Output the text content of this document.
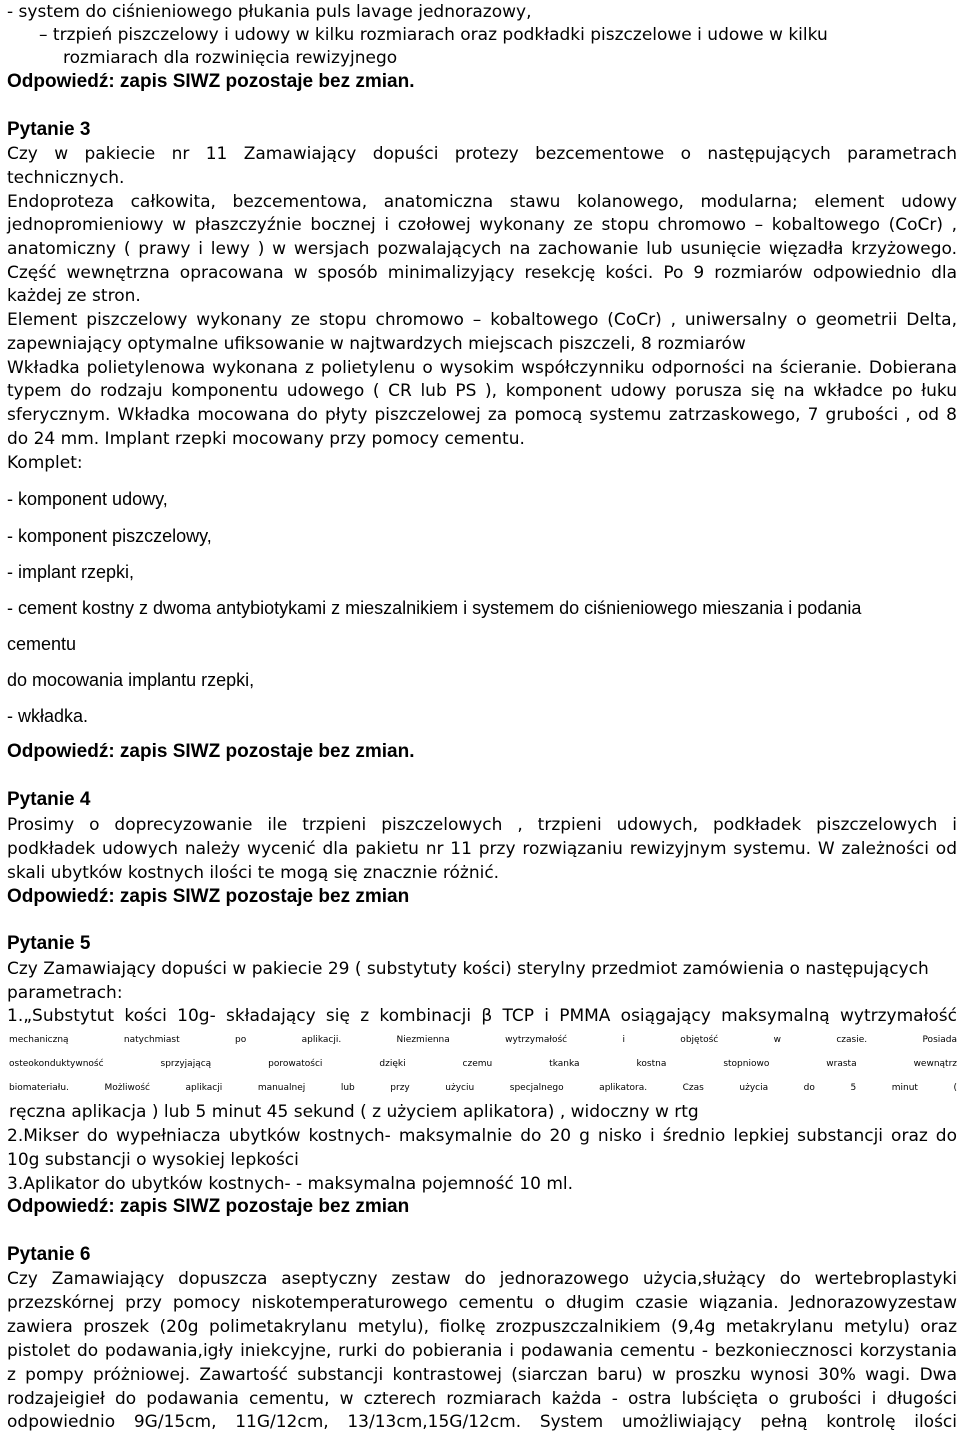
- system do ciśnieniowego płukania puls lavage jednorazowy,
– trzpień piszczelowy i udowy w kilku rozmiarach oraz podkładki piszczelowe i udowe w kilku
rozmiarach dla rozwinięcia rewizyjnego
Odpowiedź: zapis SIWZ pozostaje bez zmian.
Pytanie 3
Czy w pakiecie nr 11 Zamawiający dopuści protezy bezcementowe o następujących parametrach
technicznych.
Endoproteza całkowita, bezcementowa, anatomiczna stawu kolanowego, modularna; element udowy
jednopromieniowy w płaszczyźnie bocznej i czołowej wykonany ze stopu chromowo – kobaltowego (CoCr) ,
anatomiczny ( prawy i lewy ) w wersjach pozwalających na zachowanie lub usunięcie więzadła krzyżowego.
Część wewnętrzna opracowana w sposób minimalizyjący resekcję kości. Po 9 rozmiarów odpowiednio dla
każdej ze stron.
Element piszczelowy wykonany ze stopu chromowo – kobaltowego (CoCr) , uniwersalny o geometrii Delta,
zapewniający optymalne ufiksowanie w najtwardzych miejscach piszczeli, 8 rozmiarów
Wkładka polietylenowa wykonana z polietylenu o wysokim współczynniku odporności na ścieranie. Dobierana
typem do rodzaju komponentu udowego ( CR lub PS ), komponent udowy porusza się na wkładce po łuku
sferycznym. Wkładka mocowana do płyty piszczelowej za pomocą systemu zatrzaskowego, 7 grubości , od 8
do 24 mm. Implant rzepki mocowany przy pomocy cementu.
Komplet:
- komponent udowy,
- komponent piszczelowy,
- implant rzepki,
- cement kostny z dwoma antybiotykami z mieszalnikiem i systemem do ciśnieniowego mieszania i podania
cementu
do mocowania implantu rzepki,
- wkładka.
Odpowiedź: zapis SIWZ pozostaje bez zmian.
Pytanie 4
Prosimy o doprecyzowanie ile trzpieni piszczelowych , trzpieni udowych, podkładek piszczelowych i
podkładek udowych należy wycenić dla pakietu nr 11 przy rozwiązaniu rewizyjnym systemu. W zależności od
skali ubytków kostnych ilości te mogą się znacznie różnić.
Odpowiedź: zapis SIWZ pozostaje bez zmian
Pytanie 5
Czy Zamawiający dopuści w pakiecie 29 ( substytuty kości) sterylny przedmiot zamówienia o następujących
parametrach:
1.„Substytut kości 10g- składający się z kombinacji β TCP i PMMA osiągający maksymalną wytrzymałość
mechaniczną natychmiast po aplikacji. Niezmienna wytrzymałość i objętość w czasie. Posiada
osteokonduktywność sprzyjającą porowatości dzięki czemu tkanka kostna stopniowo wrasta wewnątrz
biomateriału. Możliwość aplikacji manualnej lub przy użyciu specjalnego aplikatora. Czas użycia do 5 minut (
ręczna aplikacja ) lub 5 minut 45 sekund ( z użyciem aplikatora) , widoczny w rtg
2.Mikser do wypełniacza ubytków kostnych- maksymalnie do 20 g nisko i średnio lepkiej substancji oraz do
10g substancji o wysokiej lepkości
3.Aplikator do ubytków kostnych- - maksymalna pojemność 10 ml.
Odpowiedź: zapis SIWZ pozostaje bez zmian
Pytanie 6
Czy Zamawiający dopuszcza aseptyczny zestaw do jednorazowego użycia,służący do wertebroplastyki
przezskórnej przy pomocy niskotemperaturowego cementu o długim czasie wiązania. Jednorazowyzestaw
zawiera proszek (20g polimetakrylanu metylu), fiolkę zrozpuszczalnikiem (9,4g metakrylanu metylu) oraz
pistolet do podawania,igły iniekcyjne, rurki do pobierania i podawania cementu - bezkoniecznosci korzystania
z pompy próżniowej. Zawartość substancji kontrastowej (siarczan baru) w proszku wynosi 30% wagi. Dwa
rodzajeigieł do podawania cementu, w czterech rozmiarach każda - ostra lubścięta o grubości i długości
odpowiednio 9G/15cm, 11G/12cm, 13/13cm,15G/12cm. System umożliwiający pełną kontrolę ilości
